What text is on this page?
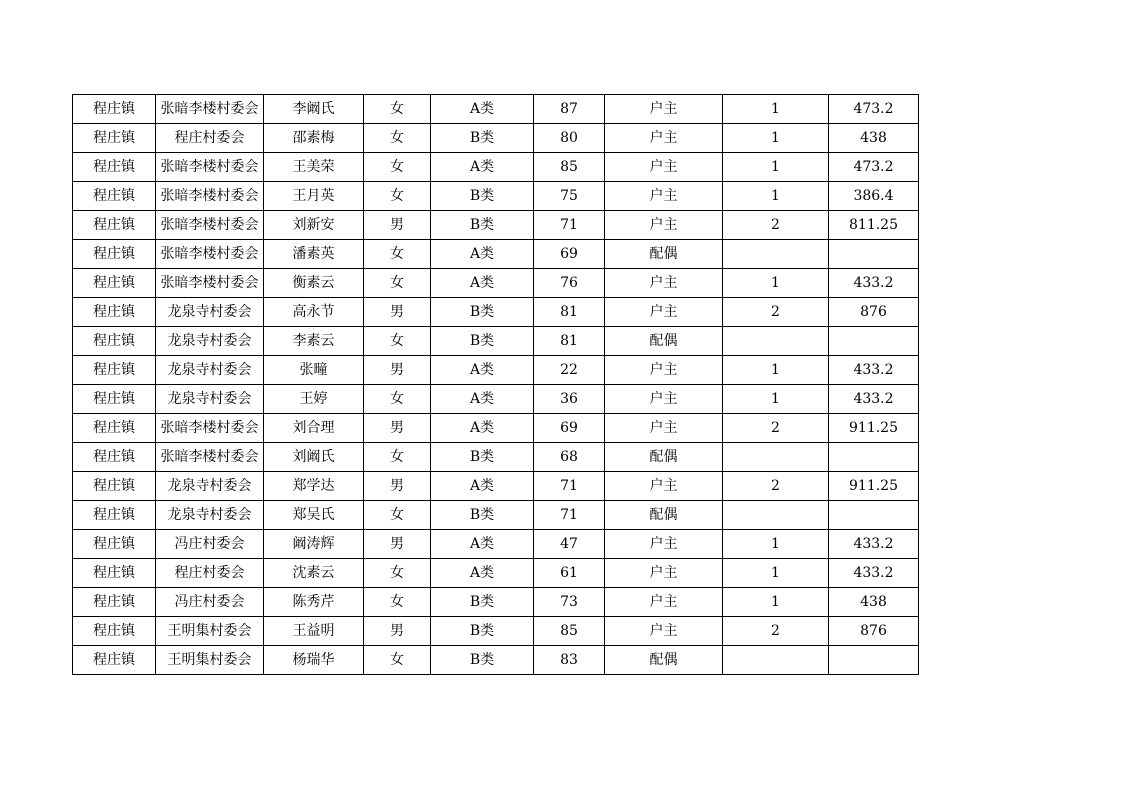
程庄镇	张暗李楼村委会	李阚氏	女	A类	87	户主	1	473.2
程庄镇	程庄村委会	邵素梅	女	B类	80	户主	1	438
程庄镇	张暗李楼村委会	王美荣	女	A类	85	户主	1	473.2
程庄镇	张暗李楼村委会	王月英	女	B类	75	户主	1	386.4
程庄镇	张暗李楼村委会	刘新安	男	B类	71	户主	2	811.25
程庄镇	张暗李楼村委会	潘素英	女	A类	69	配偶		
程庄镇	张暗李楼村委会	衡素云	女	A类	76	户主	1	433.2
程庄镇	龙泉寺村委会	高永节	男	B类	81	户主	2	876
程庄镇	龙泉寺村委会	李素云	女	B类	81	配偶		
程庄镇	龙泉寺村委会	张疃	男	A类	22	户主	1	433.2
程庄镇	龙泉寺村委会	王婷	女	A类	36	户主	1	433.2
程庄镇	张暗李楼村委会	刘合理	男	A类	69	户主	2	911.25
程庄镇	张暗李楼村委会	刘阚氏	女	B类	68	配偶		
程庄镇	龙泉寺村委会	郑学达	男	A类	71	户主	2	911.25
程庄镇	龙泉寺村委会	郑吴氏	女	B类	71	配偶		
程庄镇	冯庄村委会	阚涛辉	男	A类	47	户主	1	433.2
程庄镇	程庄村委会	沈素云	女	A类	61	户主	1	433.2
程庄镇	冯庄村委会	陈秀芹	女	B类	73	户主	1	438
程庄镇	王明集村委会	王益明	男	B类	85	户主	2	876
程庄镇	王明集村委会	杨瑞华	女	B类	83	配偶		
